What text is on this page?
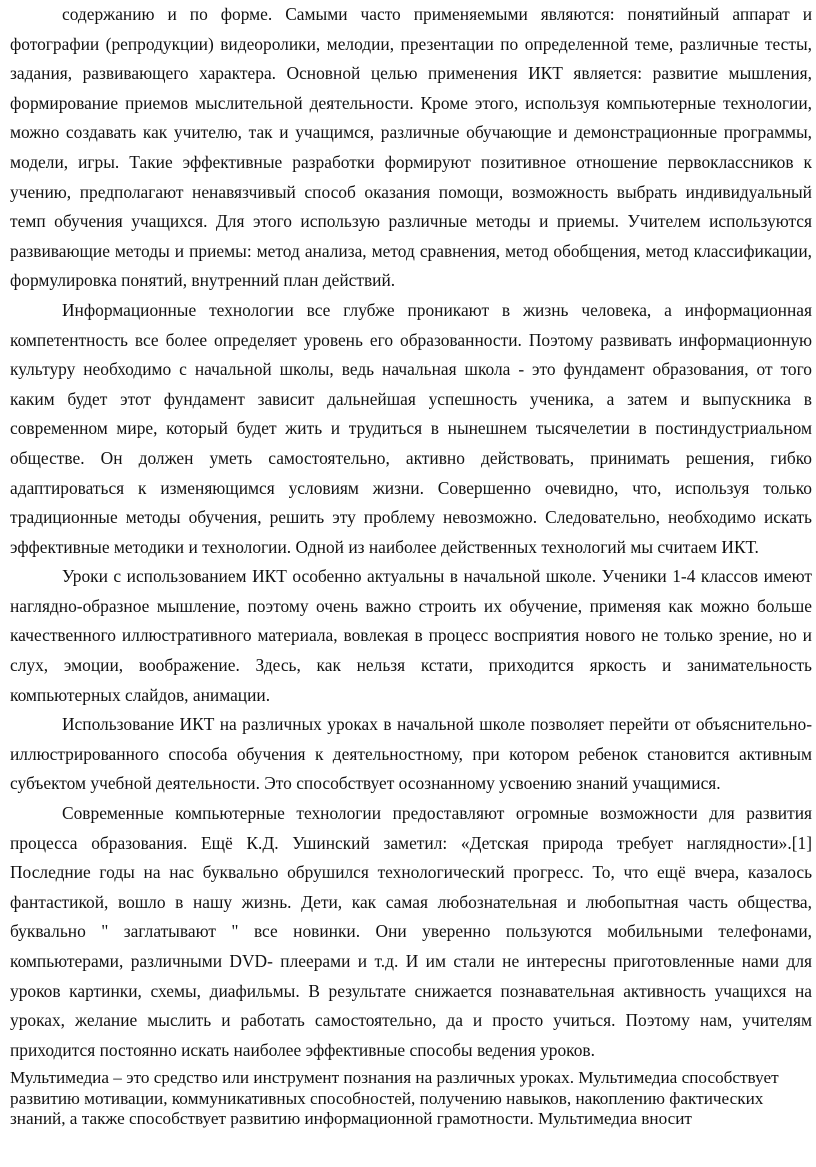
содержанию и по форме. Самыми часто применяемыми являются: понятийный аппарат и фотографии (репродукции) видеоролики, мелодии, презентации по определенной теме, различные тесты, задания, развивающего характера. Основной целью применения ИКТ является: развитие мышления, формирование приемов мыслительной деятельности. Кроме этого, используя компьютерные технологии, можно создавать как учителю, так и учащимся, различные обучающие и демонстрационные программы, модели, игры. Такие эффективные разработки формируют позитивное отношение первоклассников к учению, предполагают ненавязчивый способ оказания помощи, возможность выбрать индивидуальный темп обучения учащихся. Для этого использую различные методы и приемы. Учителем используются развивающие методы и приемы: метод анализа, метод сравнения, метод обобщения, метод классификации, формулировка понятий, внутренний план действий.

Информационные технологии все глубже проникают в жизнь человека, а информационная компетентность все более определяет уровень его образованности. Поэтому развивать информационную культуру необходимо с начальной школы, ведь начальная школа - это фундамент образования, от того каким будет этот фундамент зависит дальнейшая успешность ученика, а затем и выпускника в современном мире, который будет жить и трудиться в нынешнем тысячелетии в постиндустриальном обществе. Он должен уметь самостоятельно, активно действовать, принимать решения, гибко адаптироваться к изменяющимся условиям жизни. Совершенно очевидно, что, используя только традиционные методы обучения, решить эту проблему невозможно. Следовательно, необходимо искать эффективные методики и технологии. Одной из наиболее действенных технологий мы считаем ИКТ.

Уроки с использованием ИКТ особенно актуальны в начальной школе. Ученики 1-4 классов имеют наглядно-образное мышление, поэтому очень важно строить их обучение, применяя как можно больше качественного иллюстративного материала, вовлекая в процесс восприятия нового не только зрение, но и слух, эмоции, воображение. Здесь, как нельзя кстати, приходится яркость и занимательность компьютерных слайдов, анимации.

Использование ИКТ на различных уроках в начальной школе позволяет перейти от объяснительно-иллюстрированного способа обучения к деятельностному, при котором ребенок становится активным субъектом учебной деятельности. Это способствует осознанному усвоению знаний учащимися.

Современные компьютерные технологии предоставляют огромные возможности для развития процесса образования. Ещё К.Д. Ушинский заметил: «Детская природа требует наглядности».[1] Последние годы на нас буквально обрушился технологический прогресс. То, что ещё вчера, казалось фантастикой, вошло в нашу жизнь. Дети, как самая любознательная и любопытная часть общества, буквально " заглатывают " все новинки. Они уверенно пользуются мобильными телефонами, компьютерами, различными DVD- плеерами и т.д. И им стали не интересны приготовленные нами для уроков картинки, схемы, диафильмы. В результате снижается познавательная активность учащихся на уроках, желание мыслить и работать самостоятельно, да и просто учиться. Поэтому нам, учителям приходится постоянно искать наиболее эффективные способы ведения уроков.

Мультимедиа – это средство или инструмент познания на различных уроках. Мультимедиа способствует развитию мотивации, коммуникативных способностей, получению навыков, накоплению фактических знаний, а также способствует развитию информационной грамотности. Мультимедиа вносит
